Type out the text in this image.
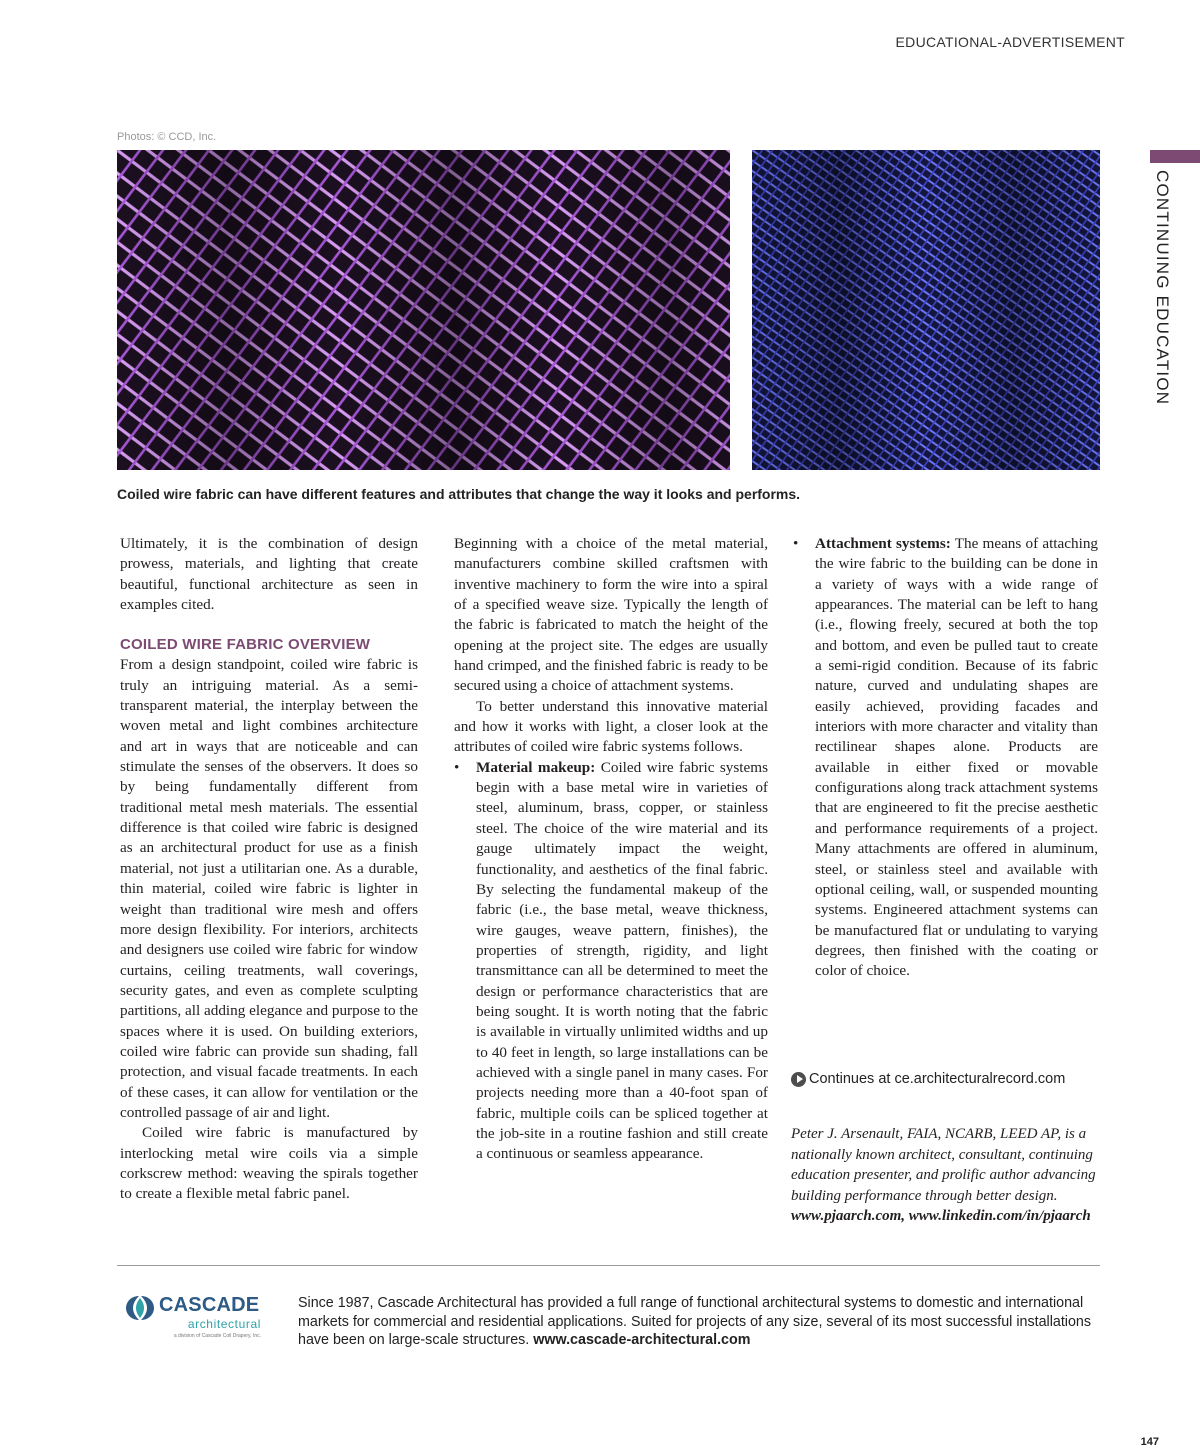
EDUCATIONAL-ADVERTISEMENT
Photos: © CCD, Inc.
CONTINUING EDUCATION
Coiled wire fabric can have different features and attributes that change the way it looks and performs.

Ultimately, it is the combination of design prowess, materials, and lighting that create beautiful, functional architecture as seen in examples cited.

COILED WIRE FABRIC OVERVIEW

From a design standpoint, coiled wire fabric is truly an intriguing material. As a semi-transparent material, the interplay between the woven metal and light combines architecture and art in ways that are noticeable and can stimulate the senses of the observers. It does so by being fundamentally different from traditional metal mesh materials. The essential difference is that coiled wire fabric is designed as an architectural product for use as a finish material, not just a utilitarian one. As a durable, thin material, coiled wire fabric is lighter in weight than traditional wire mesh and offers more design flexibility. For interiors, architects and designers use coiled wire fabric for window curtains, ceiling treatments, wall coverings, security gates, and even as complete sculpting partitions, all adding elegance and purpose to the spaces where it is used. On building exteriors, coiled wire fabric can provide sun shading, fall protection, and visual facade treatments. In each of these cases, it can allow for ventilation or the controlled passage of air and light.

Coiled wire fabric is manufactured by interlocking metal wire coils via a simple corkscrew method: weaving the spirals together to create a flexible metal fabric panel.

Beginning with a choice of the metal material, manufacturers combine skilled craftsmen with inventive machinery to form the wire into a spiral of a specified weave size. Typically the length of the fabric is fabricated to match the height of the opening at the project site. The edges are usually hand crimped, and the finished fabric is ready to be secured using a choice of attachment systems.

To better understand this innovative material and how it works with light, a closer look at the attributes of coiled wire fabric systems follows.

• Material makeup: Coiled wire fabric systems begin with a base metal wire in varieties of steel, aluminum, brass, copper, or stainless steel. The choice of the wire material and its gauge ultimately impact the weight, functionality, and aesthetics of the final fabric. By selecting the fundamental makeup of the fabric (i.e., the base metal, weave thickness, wire gauges, weave pattern, finishes), the properties of strength, rigidity, and light transmittance can all be determined to meet the design or performance characteristics that are being sought. It is worth noting that the fabric is available in virtually unlimited widths and up to 40 feet in length, so large installations can be achieved with a single panel in many cases. For projects needing more than a 40-foot span of fabric, multiple coils can be spliced together at the job-site in a routine fashion and still create a continuous or seamless appearance.
• Attachment systems: The means of attaching the wire fabric to the building can be done in a variety of ways with a wide range of appearances. The material can be left to hang (i.e., flowing freely, secured at both the top and bottom, and even be pulled taut to create a semi-rigid condition. Because of its fabric nature, curved and undulating shapes are easily achieved, providing facades and interiors with more character and vitality than rectilinear shapes alone. Products are available in either fixed or movable configurations along track attachment systems that are engineered to fit the precise aesthetic and performance requirements of a project. Many attachments are offered in aluminum, steel, or stainless steel and available with optional ceiling, wall, or suspended mounting systems. Engineered attachment systems can be manufactured flat or undulating to varying degrees, then finished with the coating or color of choice.
Continues at ce.architecturalrecord.com
Peter J. Arsenault, FAIA, NCARB, LEED AP, is a nationally known architect, consultant, continuing education presenter, and prolific author advancing building performance through better design. www.pjaarch.com, www.linkedin.com/in/pjaarch
CASCADE
architectural
a division of Cascade Coil Drapery, Inc.
Since 1987, Cascade Architectural has provided a full range of functional architectural systems to domestic and international markets for commercial and residential applications. Suited for projects of any size, several of its most successful installations have been on large-scale structures. www.cascade-architectural.com
147
